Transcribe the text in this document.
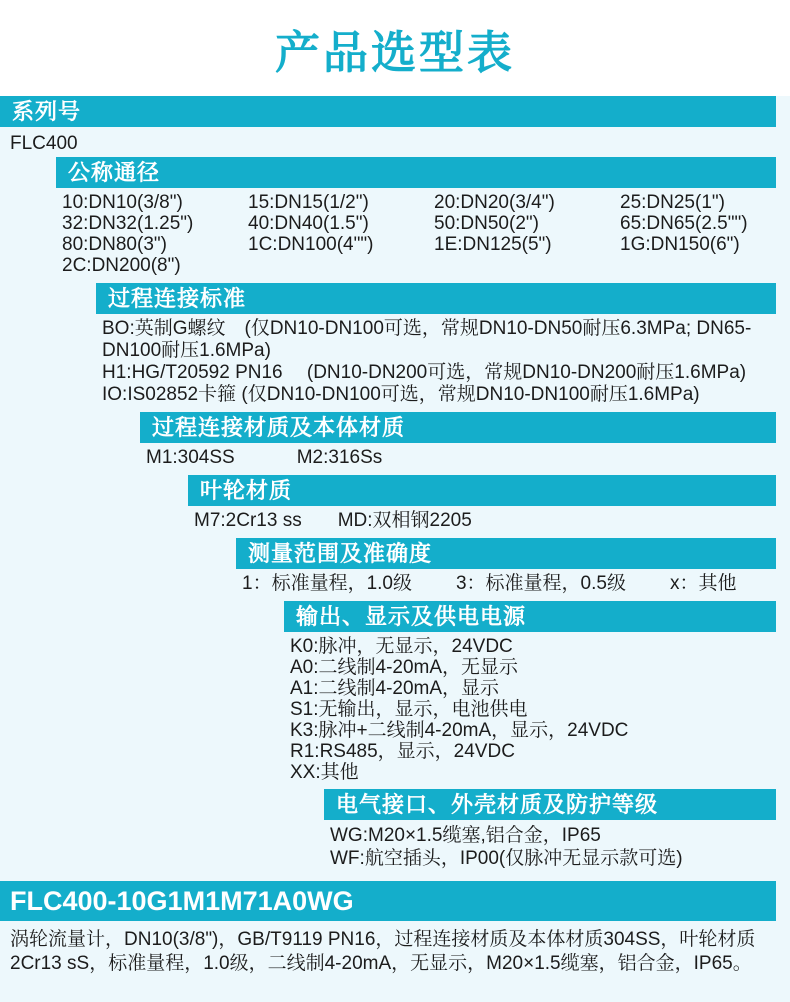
产品选型表
系列号
FLC400
公称通径
10:DN10(3/8")	15:DN15(1/2")	20:DN20(3/4")	25:DN25(1")
32:DN32(1.25")	40:DN40(1.5")	50:DN50(2")	65:DN65(2.5"")
80:DN80(3")	1C:DN100(4"")	1E:DN125(5")	1G:DN150(6")
2C:DN200(8")
过程连接标准
BO:英制G螺纹　(仅DN10-DN100可选，常规DN10-DN50耐压6.3MPa; DN65-DN100耐压1.6MPa)
H1:HG/T20592 PN16　 (DN10-DN200可选，常规DN10-DN200耐压1.6MPa)
IO:IS02852卡箍 (仅DN10-DN100可选，常规DN10-DN100耐压1.6MPa)
过程连接材质及本体材质
M1:304SS	M2:316Ss
叶轮材质
M7:2Cr13 ss MD:双相钢2205
测量范围及准确度
1：标准量程，1.0级 3：标准量程，0.5级 x：其他
输出、显示及供电电源
K0:脉冲，无显示，24VDC
A0:二线制4-20mA，无显示
A1:二线制4-20mA，显示
S1:无输出，显示，电池供电
K3:脉冲+二线制4-20mA，显示，24VDC
R1:RS485，显示，24VDC
XX:其他
电气接口、外壳材质及防护等级
WG:M20×1.5缆塞,铝合金，IP65
WF:航空插头，IP00(仅脉冲无显示款可选)
FLC400-10G1M1M71A0WG

涡轮流量计，DN10(3/8")，GB/T9119 PN16，过程连接材质及本体材质304SS，叶轮材质2Cr13 sS，标准量程，1.0级，二线制4-20mA，无显示，M20×1.5缆塞，铝合金，IP65。
